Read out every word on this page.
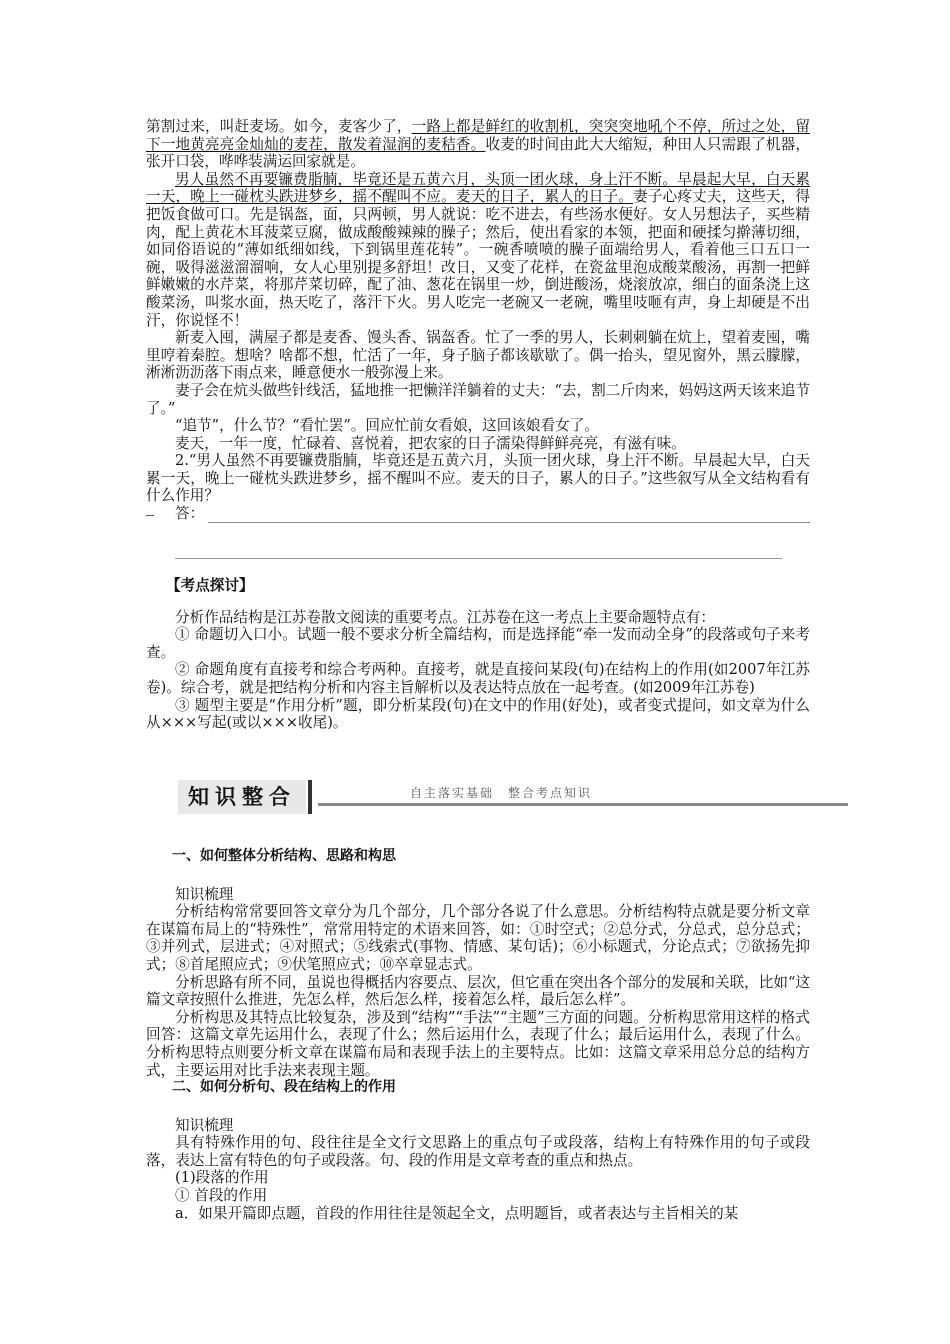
第割过来，叫赶麦场。如今，麦客少了，一路上都是鲜红的收割机，突突突地吼个不停，所过之处，留下一地黄亮亮金灿灿的麦茬，散发着湿润的麦秸香。收麦的时间由此大大缩短，种田人只需跟了机器，张开口袋，哗哗装满运回家就是。

男人虽然不再要镰费脂腩，毕竟还是五黄六月，头顶一团火球，身上汗不断。早晨起大早，白天累一天，晚上一碰枕头跌进梦乡，摇不醒叫不应。麦天的日子，累人的日子。妻子心疼丈夫，这些天，得把饭食做可口。先是锅盔，面，只两顿，男人就说：吃不进去，有些汤水便好。女人另想法子，买些精肉，配上黄花木耳菠菜豆腐，做成酸酸辣辣的臊子；然后，使出看家的本领，把面和硬揉匀擀薄切细，如同俗语说的“薄如纸细如线，下到锅里莲花转”。一碗香喷喷的臊子面端给男人，看着他三口五口一碗，吸得滋滋溜溜响，女人心里别提多舒坦！改日，又变了花样，在瓷盆里泡成酸菜酸汤，再割一把鲜鲜嫩嫩的水芹菜，将那芹菜切碎，配了油、葱花在锅里一炒，倒进酸汤，烧滚放凉，细白的面条浇上这酸菜汤，叫浆水面，热天吃了，落汗下火。男人吃完一老碗又一老碗，嘴里吱咂有声，身上却硬是不出汗，你说怪不！

新麦入囤，满屋子都是麦香、馒头香、锅盔香。忙了一季的男人，长刺刺躺在炕上，望着麦囤，嘴里哼着秦腔。想啥？啥都不想，忙活了一年，身子脑子都该歇歇了。偶一抬头，望见窗外，黑云朦朦，淅淅沥沥落下雨点来，睡意便水一般弥漫上来。

妻子会在炕头做些针线活，猛地推一把懒洋洋躺着的丈夫：“去，割二斤肉来，妈妈这两天该来追节了。”

“追节”，什么节？“看忙罢”。回应忙前女看娘，这回该娘看女了。

麦天，一年一度，忙碌着、喜悦着，把农家的日子濡染得鲜鲜亮亮，有滋有味。

2.“男人虽然不再要镰费脂腩，毕竟还是五黄六月，头顶一团火球，身上汗不断。早晨起大早，白天累一天，晚上一碰枕头跌进梦乡，摇不醒叫不应。麦天的日子，累人的日子。”这些叙写从全文结构看有什么作用？

答：
【考点探讨】

分析作品结构是江苏卷散文阅读的重要考点。江苏卷在这一考点上主要命题特点有：

① 命题切入口小。试题一般不要求分析全篇结构，而是选择能“牵一发而动全身”的段落或句子来考查。

② 命题角度有直接考和综合考两种。直接考，就是直接问某段(句)在结构上的作用(如2007年江苏卷)。综合考，就是把结构分析和内容主旨解析以及表达特点放在一起考查。(如2009年江苏卷)

③ 题型主要是“作用分析”题，即分析某段(句)在文中的作用(好处)，或者变式提问，如文章为什么从×××写起(或以×××收尾)。

知识整合	自主落实基础　整合考点知识
一、如何整体分析结构、思路和构思

知识梳理

分析结构常常要回答文章分为几个部分，几个部分各说了什么意思。分析结构特点就是要分析文章在谋篇布局上的“特殊性”，常常用特定的术语来回答，如：①时空式；②总分式，分总式，总分总式；③并列式，层进式；④对照式；⑤线索式(事物、情感、某句话)；⑥小标题式，分论点式；⑦欲扬先抑式；⑧首尾照应式；⑨伏笔照应式；⑩卒章显志式。

分析思路有所不同，虽说也得概括内容要点、层次，但它重在突出各个部分的发展和关联，比如“这篇文章按照什么推进，先怎么样，然后怎么样，接着怎么样，最后怎么样”。

分析构思及其特点比较复杂，涉及到“结构”“手法”“主题”三方面的问题。分析构思常用这样的格式回答：这篇文章先运用什么，表现了什么；然后运用什么，表现了什么；最后运用什么，表现了什么。分析构思特点则要分析文章在谋篇布局和表现手法上的主要特点。比如：这篇文章采用总分总的结构方式，主要运用对比手法来表现主题。

二、如何分析句、段在结构上的作用

知识梳理

具有特殊作用的句、段往往是全文行文思路上的重点句子或段落，结构上有特殊作用的句子或段落，表达上富有特色的句子或段落。句、段的作用是文章考查的重点和热点。

(1)段落的作用

① 首段的作用

a．如果开篇即点题，首段的作用往往是领起全文，点明题旨，或者表达与主旨相关的某
